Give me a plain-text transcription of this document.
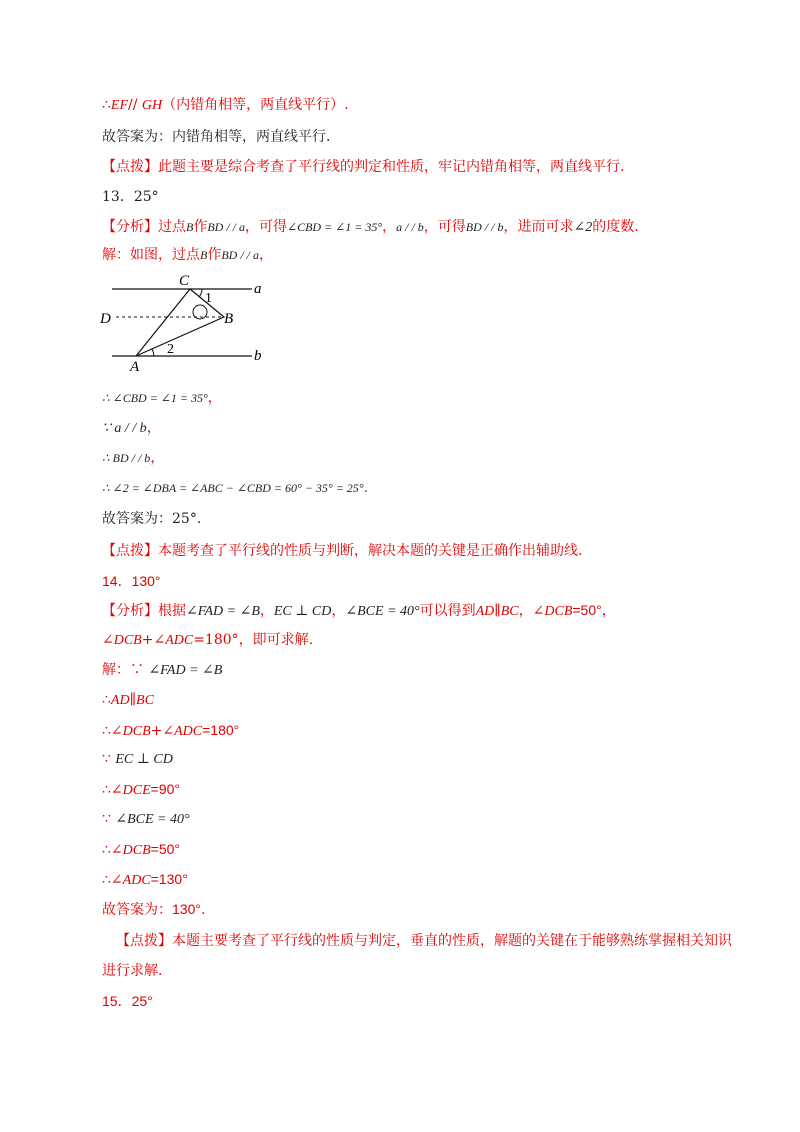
∴EF// GH（内错角相等，两直线平行）.
故答案为：内错角相等，两直线平行.
【点拨】此题主要是综合考查了平行线的判定和性质，牢记内错角相等，两直线平行.
13．25°
【分析】过点B作BD / / a，可得∠CBD = ∠1 = 35°，a / / b，可得BD / / b，进而可求∠2的度数.
解：如图，过点B作BD / / a，
C
D	B
A
a
b
1
2
∴ ∠CBD = ∠1 = 35°，
∵ a / / b，
∴ BD / / b，
∴ ∠2 = ∠DBA = ∠ABC − ∠CBD = 60° − 35° = 25°.
故答案为：25°.
【点拨】本题考查了平行线的性质与判断，解决本题的关键是正确作出辅助线.
14．130°
【分析】根据∠FAD = ∠B，EC ⊥ CD，∠BCE = 40°可以得到AD∥BC，∠DCB=50°，
∠DCB+∠ADC=180°，即可求解.
解：∵ ∠FAD = ∠B
∴AD∥BC
∴∠DCB+∠ADC=180°
∵ EC ⊥ CD
∴∠DCE=90°
∵ ∠BCE = 40°
∴∠DCB=50°
∴∠ADC=130°
故答案为：130°.
【点拨】本题主要考查了平行线的性质与判定，垂直的性质，解题的关键在于能够熟练掌握相关知识
进行求解.
15．25°
